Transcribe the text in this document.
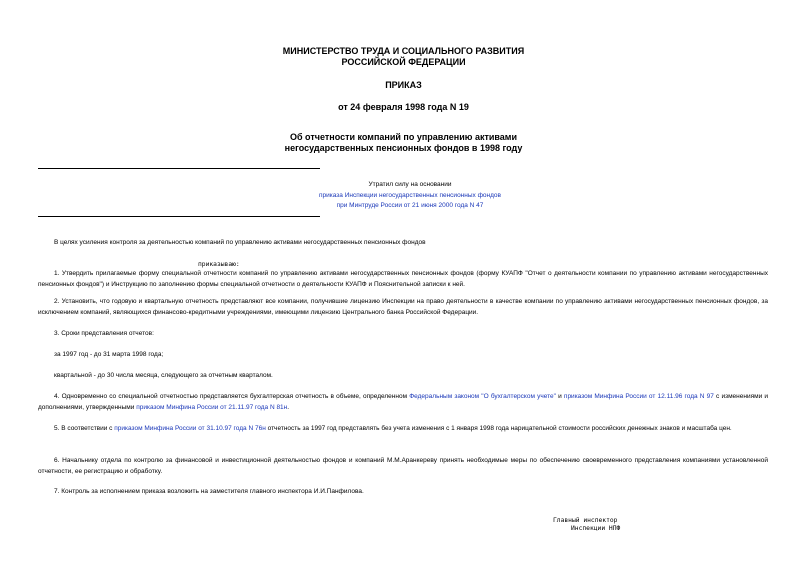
МИНИСТЕРСТВО ТРУДА И СОЦИАЛЬНОГО РАЗВИТИЯ
РОССИЙСКОЙ ФЕДЕРАЦИИ
ПРИКАЗ
от 24 февраля 1998 года N 19
Об отчетности компаний по управлению активами
негосударственных пенсионных фондов в 1998 году
Утратил силу на основании
приказа Инспекции негосударственных пенсионных фондов
при Минтруде России от 21 июня 2000 года N 47
В целях усиления контроля за деятельностью компаний по управлению активами негосударственных пенсионных фондов
приказываю:
1. Утвердить прилагаемые форму специальной отчетности компаний по управлению активами негосударственных пенсионных фондов (форму КУАПФ "Отчет о деятельности компании по управлению активами негосударственных пенсионных фондов") и Инструкцию по заполнению формы специальной отчетности о деятельности КУАПФ и Пояснительной записки к ней.
2. Установить, что годовую и квартальную отчетность представляют все компании, получившие лицензию Инспекции на право деятельности в качестве компании по управлению активами негосударственных пенсионных фондов, за исключением компаний, являющихся финансово-кредитными учреждениями, имеющими лицензию Центрального банка Российской Федерации.
3. Сроки представления отчетов:
за 1997 год - до 31 марта 1998 года;
квартальной - до 30 числа месяца, следующего за отчетным кварталом.
4. Одновременно со специальной отчетностью представляется бухгалтерская отчетность в объеме, определенном Федеральным законом "О бухгалтерском учете" и приказом Минфина России от 12.11.96 года N 97 с изменениями и дополнениями, утвержденными приказом Минфина России от 21.11.97 года N 81н.
5. В соответствии с приказом Минфина России от 31.10.97 года N 76н отчетность за 1997 год представлять без учета изменения с 1 января 1998 года нарицательной стоимости российских денежных знаков и масштаба цен.
6. Начальнику отдела по контролю за финансовой и инвестиционной деятельностью фондов и компаний М.М.Аранкереву принять необходимые меры по обеспечению своевременного представления компаниями установленной отчетности, ее регистрацию и обработку.
7. Контроль за исполнением приказа возложить на заместителя главного инспектора И.И.Панфилова.
Главный инспектор
Инспекции НПФ
